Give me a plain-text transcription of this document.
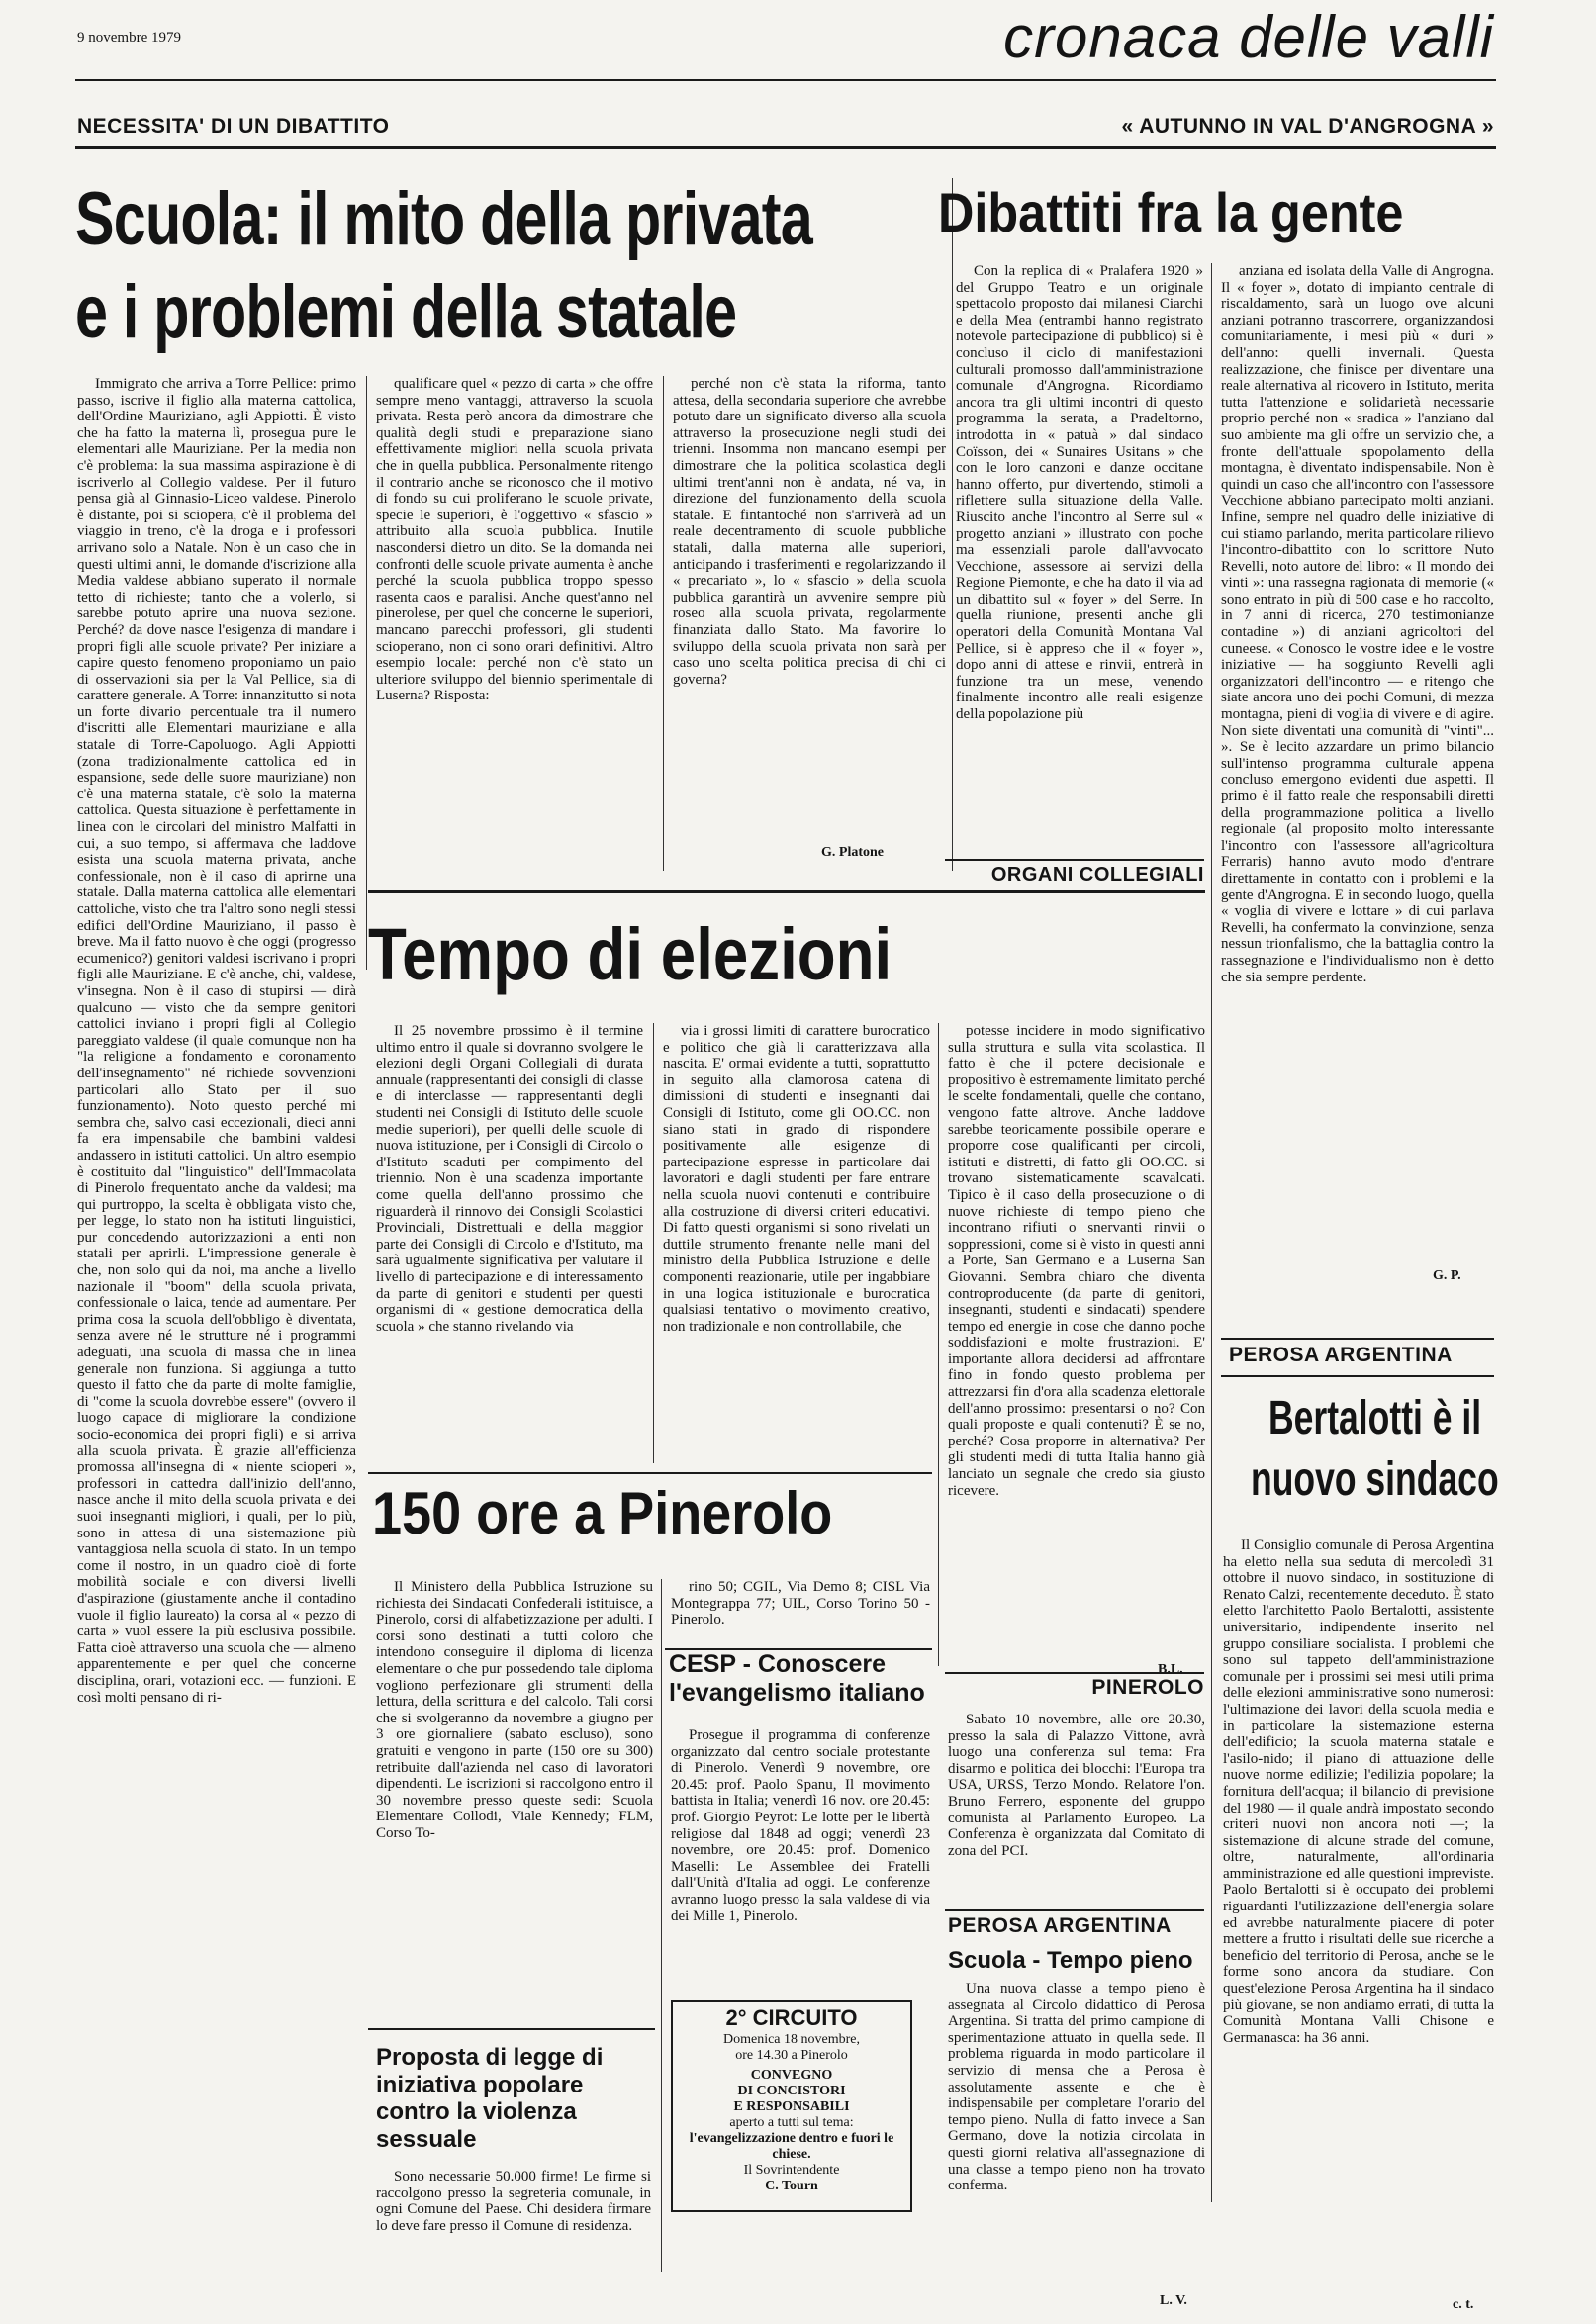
9 novembre 1979	cronaca delle valli
NECESSITA' DI UN DIBATTITO	« AUTUNNO IN VAL D'ANGROGNA »
Scuola: il mito della privata
e i problemi della statale

Immigrato che arriva a Torre Pellice: primo passo, iscrive il figlio alla materna cattolica, dell'Ordine Mauriziano, agli Appiotti. È visto che ha fatto la materna lì, prosegua pure le elementari alle Mauriziane. Per la media non c'è problema: la sua massima aspirazione è di iscriverlo al Collegio valdese. Per il futuro pensa già al Ginnasio-Liceo valdese. Pinerolo è distante, poi si sciopera, c'è il problema del viaggio in treno, c'è la droga e i professori arrivano solo a Natale. Non è un caso che in questi ultimi anni, le domande d'iscrizione alla Media valdese abbiano superato il normale tetto di richieste; tanto che a volerlo, si sarebbe potuto aprire una nuova sezione. Perché? da dove nasce l'esigenza di mandare i propri figli alle scuole private? Per iniziare a capire questo fenomeno proponiamo un paio di osservazioni sia per la Val Pellice, sia di carattere generale. A Torre: innanzitutto si nota un forte divario percentuale tra il numero d'iscritti alle Elementari mauriziane e alla statale di Torre-Capoluogo. Agli Appiotti (zona tradizionalmente cattolica ed in espansione, sede delle suore mauriziane) non c'è una materna statale, c'è solo la materna cattolica. Questa situazione è perfettamente in linea con le circolari del ministro Malfatti in cui, a suo tempo, si affermava che laddove esista una scuola materna privata, anche confessionale, non è il caso di aprirne una statale. Dalla materna cattolica alle elementari cattoliche, visto che tra l'altro sono negli stessi edifici dell'Ordine Mauriziano, il passo è breve. Ma il fatto nuovo è che oggi (progresso ecumenico?) genitori valdesi iscrivano i propri figli alle Mauriziane. E c'è anche, chi, valdese, v'insegna. Non è il caso di stupirsi — dirà qualcuno — visto che da sempre genitori cattolici inviano i propri figli al Collegio pareggiato valdese (il quale comunque non ha "la religione a fondamento e coronamento dell'insegnamento" né richiede sovvenzioni particolari allo Stato per il suo funzionamento). Noto questo perché mi sembra che, salvo casi eccezionali, dieci anni fa era impensabile che bambini valdesi andassero in istituti cattolici. Un altro esempio è costituito dal "linguistico" dell'Immacolata di Pinerolo frequentato anche da valdesi; ma qui purtroppo, la scelta è obbligata visto che, per legge, lo stato non ha istituti linguistici, pur concedendo autorizzazioni a enti non statali per aprirli. L'impressione generale è che, non solo qui da noi, ma anche a livello nazionale il "boom" della scuola privata, confessionale o laica, tende ad aumentare. Per prima cosa la scuola dell'obbligo è diventata, senza avere né le strutture né i programmi adeguati, una scuola di massa che in linea generale non funziona. Si aggiunga a tutto questo il fatto che da parte di molte famiglie, di "come la scuola dovrebbe essere" (ovvero il luogo capace di migliorare la condizione socio-economica dei propri figli) e si arriva alla scuola privata. È grazie all'efficienza promossa all'insegna di « niente scioperi », professori in cattedra dall'inizio dell'anno, nasce anche il mito della scuola privata e dei suoi insegnanti migliori, i quali, per lo più, sono in attesa di una sistemazione più vantaggiosa nella scuola di stato. In un tempo come il nostro, in un quadro cioè di forte mobilità sociale e con diversi livelli d'aspirazione (giustamente anche il contadino vuole il figlio laureato) la corsa al « pezzo di carta » vuol essere la più esclusiva possibile. Fatta cioè attraverso una scuola che — almeno apparentemente e per quel che concerne disciplina, orari, votazioni ecc. — funzioni. E così molti pensano di ri-

qualificare quel « pezzo di carta » che offre sempre meno vantaggi, attraverso la scuola privata. Resta però ancora da dimostrare che qualità degli studi e preparazione siano effettivamente migliori nella scuola privata che in quella pubblica. Personalmente ritengo il contrario anche se riconosco che il motivo di fondo su cui proliferano le scuole private, specie le superiori, è l'oggettivo « sfascio » attribuito alla scuola pubblica. Inutile nascondersi dietro un dito. Se la domanda nei confronti delle scuole private aumenta è anche perché la scuola pubblica troppo spesso rasenta caos e paralisi. Anche quest'anno nel pinerolese, per quel che concerne le superiori, mancano parecchi professori, gli studenti scioperano, non ci sono orari definitivi. Altro esempio locale: perché non c'è stato un ulteriore sviluppo del biennio sperimentale di Luserna? Risposta:

perché non c'è stata la riforma, tanto attesa, della secondaria superiore che avrebbe potuto dare un significato diverso alla scuola attraverso la prosecuzione negli studi dei trienni. Insomma non mancano esempi per dimostrare che la politica scolastica degli ultimi trent'anni non è andata, né va, in direzione del funzionamento della scuola statale. E fintantoché non s'arriverà ad un reale decentramento di scuole pubbliche statali, dalla materna alle superiori, anticipando i trasferimenti e regolarizzando il « precariato », lo « sfascio » della scuola pubblica garantirà un avvenire sempre più roseo alla scuola privata, regolarmente finanziata dallo Stato. Ma favorire lo sviluppo della scuola privata non sarà per caso uno scelta politica precisa di chi ci governa?

G. Platone
Dibattiti fra la gente

Con la replica di « Pralafera 1920 » del Gruppo Teatro e un originale spettacolo proposto dai milanesi Ciarchi e della Mea (entrambi hanno registrato notevole partecipazione di pubblico) si è concluso il ciclo di manifestazioni culturali promosso dall'amministrazione comunale d'Angrogna. Ricordiamo ancora tra gli ultimi incontri di questo programma la serata, a Pradeltorno, introdotta in « patuà » dal sindaco Coïsson, dei « Sunaires Usitans » che con le loro canzoni e danze occitane hanno offerto, pur divertendo, stimoli a riflettere sulla situazione della Valle. Riuscito anche l'incontro al Serre sul « progetto anziani » illustrato con poche ma essenziali parole dall'avvocato Vecchione, assessore ai servizi della Regione Piemonte, e che ha dato il via ad un dibattito sul « foyer » del Serre. In quella riunione, presenti anche gli operatori della Comunità Montana Val Pellice, si è appreso che il « foyer », dopo anni di attese e rinvii, entrerà in funzione tra un mese, venendo finalmente incontro alle reali esigenze della popolazione più

anziana ed isolata della Valle di Angrogna. Il « foyer », dotato di impianto centrale di riscaldamento, sarà un luogo ove alcuni anziani potranno trascorrere, organizzandosi comunitariamente, i mesi più « duri » dell'anno: quelli invernali. Questa realizzazione, che finisce per diventare una reale alternativa al ricovero in Istituto, merita tutta l'attenzione e solidarietà necessarie proprio perché non « sradica » l'anziano dal suo ambiente ma gli offre un servizio che, a fronte dell'attuale spopolamento della montagna, è diventato indispensabile. Non è quindi un caso che all'incontro con l'assessore Vecchione abbiano partecipato molti anziani. Infine, sempre nel quadro delle iniziative di cui stiamo parlando, merita particolare rilievo l'incontro-dibattito con lo scrittore Nuto Revelli, noto autore del libro: « Il mondo dei vinti »: una rassegna ragionata di memorie (« sono entrato in più di 500 case e ho raccolto, in 7 anni di ricerca, 270 testimonianze contadine ») di anziani agricoltori del cuneese. « Conosco le vostre idee e le vostre iniziative — ha soggiunto Revelli agli organizzatori dell'incontro — e ritengo che siate ancora uno dei pochi Comuni, di mezza montagna, pieni di voglia di vivere e di agire. Non siete diventati una comunità di "vinti"... ». Se è lecito azzardare un primo bilancio sull'intenso programma culturale appena concluso emergono evidenti due aspetti. Il primo è il fatto reale che responsabili diretti della programmazione politica a livello regionale (al proposito molto interessante l'incontro con l'assessore all'agricoltura Ferraris) hanno avuto modo d'entrare direttamente in contatto con i problemi e la gente d'Angrogna. E in secondo luogo, quella « voglia di vivere e lottare » di cui parlava Revelli, ha confermato la convinzione, senza nessun trionfalismo, che la battaglia contro la rassegnazione e l'individualismo non è detto che sia sempre perdente.

G. P.
ORGANI COLLEGIALI
Tempo di elezioni

Il 25 novembre prossimo è il termine ultimo entro il quale si dovranno svolgere le elezioni degli Organi Collegiali di durata annuale (rappresentanti dei consigli di classe e di interclasse — rappresentanti degli studenti nei Consigli di Istituto delle scuole medie superiori), per quelli delle scuole di nuova istituzione, per i Consigli di Circolo o d'Istituto scaduti per compimento del triennio. Non è una scadenza importante come quella dell'anno prossimo che riguarderà il rinnovo dei Consigli Scolastici Provinciali, Distrettuali e della maggior parte dei Consigli di Circolo e d'Istituto, ma sarà ugualmente significativa per valutare il livello di partecipazione e di interessamento da parte di genitori e studenti per questi organismi di « gestione democratica della scuola » che stanno rivelando via

via i grossi limiti di carattere burocratico e politico che già li caratterizzava alla nascita. E' ormai evidente a tutti, soprattutto in seguito alla clamorosa catena di dimissioni di studenti e insegnanti dai Consigli di Istituto, come gli OO.CC. non siano stati in grado di rispondere positivamente alle esigenze di partecipazione espresse in particolare dai lavoratori e dagli studenti per fare entrare nella scuola nuovi contenuti e contribuire alla costruzione di diversi criteri educativi. Di fatto questi organismi si sono rivelati un duttile strumento frenante nelle mani del ministro della Pubblica Istruzione e delle componenti reazionarie, utile per ingabbiare in una logica istituzionale e burocratica qualsiasi tentativo o movimento creativo, non tradizionale e non controllabile, che

potesse incidere in modo significativo sulla struttura e sulla vita scolastica. Il fatto è che il potere decisionale e propositivo è estremamente limitato perché le scelte fondamentali, quelle che contano, vengono fatte altrove. Anche laddove sarebbe teoricamente possibile operare e proporre cose qualificanti per circoli, istituti e distretti, di fatto gli OO.CC. si trovano sistematicamente scavalcati. Tipico è il caso della prosecuzione o di nuove richieste di tempo pieno che incontrano rifiuti o snervanti rinvii o soppressioni, come si è visto in questi anni a Porte, San Germano e a Luserna San Giovanni. Sembra chiaro che diventa controproducente (da parte di genitori, insegnanti, studenti e sindacati) spendere tempo ed energie in cose che danno poche soddisfazioni e molte frustrazioni. E' importante allora decidersi ad affrontare fino in fondo questo problema per attrezzarsi fin d'ora alla scadenza elettorale dell'anno prossimo: presentarsi o no? Con quali proposte e quali contenuti? È se no, perché? Cosa proporre in alternativa? Per gli studenti medi di tutta Italia hanno già lanciato un segnale che credo sia giusto ricevere.

B.L.
150 ore a Pinerolo

Il Ministero della Pubblica Istruzione su richiesta dei Sindacati Confederali istituisce, a Pinerolo, corsi di alfabetizzazione per adulti. I corsi sono destinati a tutti coloro che intendono conseguire il diploma di licenza elementare o che pur possedendo tale diploma vogliono perfezionare gli strumenti della lettura, della scrittura e del calcolo. Tali corsi che si svolgeranno da novembre a giugno per 3 ore giornaliere (sabato escluso), sono gratuiti e vengono in parte (150 ore su 300) retribuite dall'azienda nel caso di lavoratori dipendenti. Le iscrizioni si raccolgono entro il 30 novembre presso queste sedi: Scuola Elementare Collodi, Viale Kennedy; FLM, Corso To-

rino 50; CGIL, Via Demo 8; CISL Via Montegrappa 77; UIL, Corso Torino 50 - Pinerolo.

CESP - Conoscere l'evangelismo italiano

Prosegue il programma di conferenze organizzato dal centro sociale protestante di Pinerolo. Venerdì 9 novembre, ore 20.45: prof. Paolo Spanu, Il movimento battista in Italia; venerdì 16 nov. ore 20.45: prof. Giorgio Peyrot: Le lotte per le libertà religiose dal 1848 ad oggi; venerdì 23 novembre, ore 20.45: prof. Domenico Maselli: Le Assemblee dei Fratelli dall'Unità d'Italia ad oggi. Le conferenze avranno luogo presso la sala valdese di via dei Mille 1, Pinerolo.

2° CIRCUITO
Domenica 18 novembre,
ore 14.30 a Pinerolo
CONVEGNO
DI CONCISTORI
E RESPONSABILI
aperto a tutti sul tema:
l'evangelizzazione dentro e fuori le chiese.
Il Sovrintendente
C. Tourn
Proposta di legge di iniziativa popolare contro la violenza sessuale

Sono necessarie 50.000 firme! Le firme si raccolgono presso la segreteria comunale, in ogni Comune del Paese. Chi desidera firmare lo deve fare presso il Comune di residenza.

PINEROLO

Sabato 10 novembre, alle ore 20.30, presso la sala di Palazzo Vittone, avrà luogo una conferenza sul tema: Fra disarmo e politica dei blocchi: l'Europa tra USA, URSS, Terzo Mondo. Relatore l'on. Bruno Ferrero, esponente del gruppo comunista al Parlamento Europeo. La Conferenza è organizzata dal Comitato di zona del PCI.

PEROSA ARGENTINA
Scuola - Tempo pieno

Una nuova classe a tempo pieno è assegnata al Circolo didattico di Perosa Argentina. Si tratta del primo campione di sperimentazione attuato in quella sede. Il problema riguarda in modo particolare il servizio di mensa che a Perosa è assolutamente assente e che è indispensabile per completare l'orario del tempo pieno. Nulla di fatto invece a San Germano, dove la notizia circolata in questi giorni relativa all'assegnazione di una classe a tempo pieno non ha trovato conferma.

L. V.
PEROSA ARGENTINA
Bertalotti è il
nuovo sindaco

Il Consiglio comunale di Perosa Argentina ha eletto nella sua seduta di mercoledì 31 ottobre il nuovo sindaco, in sostituzione di Renato Calzi, recentemente deceduto. È stato eletto l'architetto Paolo Bertalotti, assistente universitario, indipendente inserito nel gruppo consiliare socialista. I problemi che sono sul tappeto dell'amministrazione comunale per i prossimi sei mesi utili prima delle elezioni amministrative sono numerosi: l'ultimazione dei lavori della scuola media e in particolare la sistemazione esterna dell'edificio; la scuola materna statale e l'asilo-nido; il piano di attuazione delle nuove norme edilizie; l'edilizia popolare; la fornitura dell'acqua; il bilancio di previsione del 1980 — il quale andrà impostato secondo criteri nuovi non ancora noti —; la sistemazione di alcune strade del comune, oltre, naturalmente, all'ordinaria amministrazione ed alle questioni impreviste. Paolo Bertalotti si è occupato dei problemi riguardanti l'utilizzazione dell'energia solare ed avrebbe naturalmente piacere di poter mettere a frutto i risultati delle sue ricerche a beneficio del territorio di Perosa, anche se le forme sono ancora da studiare. Con quest'elezione Perosa Argentina ha il sindaco più giovane, se non andiamo errati, di tutta la Comunità Montana Valli Chisone e Germanasca: ha 36 anni.

c. t.
